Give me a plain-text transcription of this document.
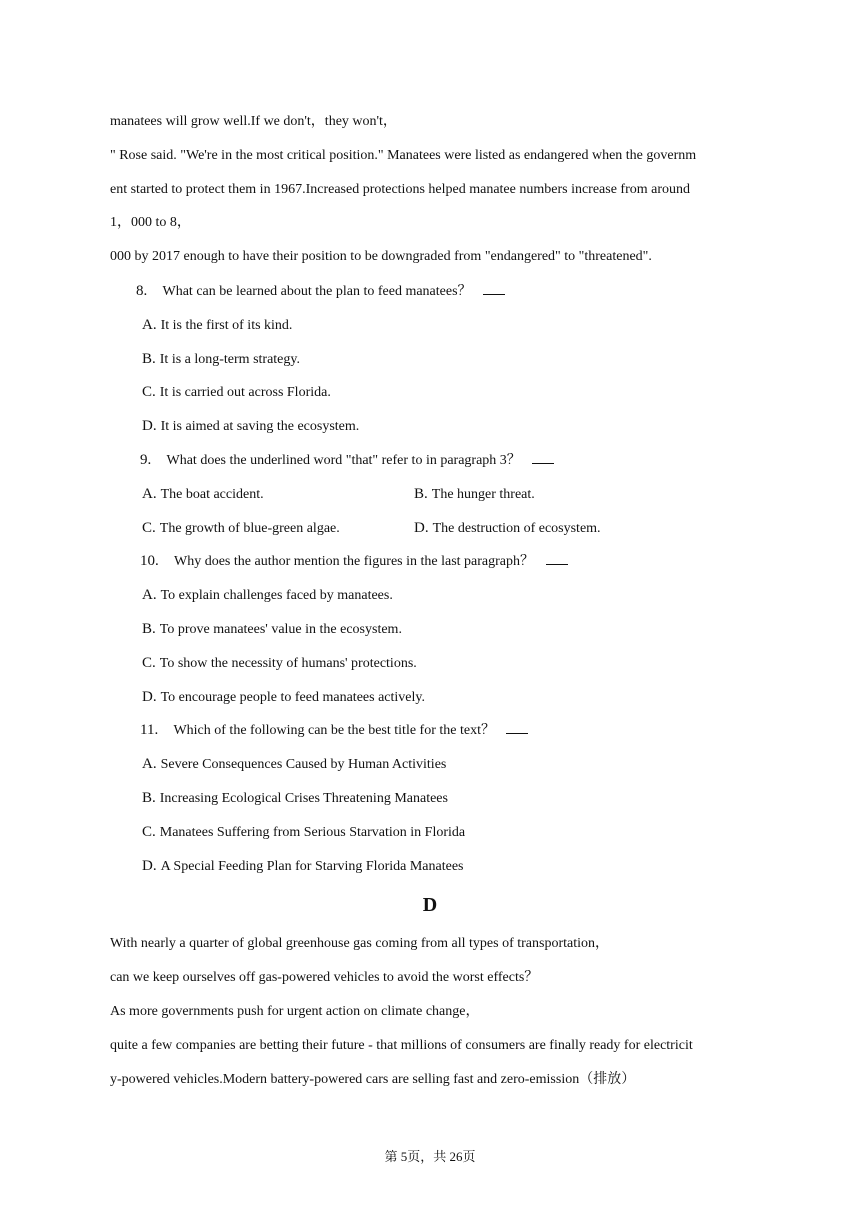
manatees will grow well.If we don't，they won't，
" Rose said. "We're in the most critical position." Manatees were listed as endangered when the governm
ent started to protect them in 1967.Increased protections helped manatee numbers increase from around
1，000 to 8，
000 by 2017 enough to have their position to be downgraded from "endangered" to "threatened".
8. What can be learned about the plan to feed manatees？
A. It is the first of its kind.
B. It is a long-term strategy.
C. It is carried out across Florida.
D. It is aimed at saving the ecosystem.
9. What does the underlined word "that" refer to in paragraph 3？
A. The boat accident.	B. The hunger threat.
C. The growth of blue-green algae.	D. The destruction of ecosystem.
10. Why does the author mention the figures in the last paragraph？
A. To explain challenges faced by manatees.
B. To prove manatees' value in the ecosystem.
C. To show the necessity of humans' protections.
D. To encourage people to feed manatees actively.
11. Which of the following can be the best title for the text？
A. Severe Consequences Caused by Human Activities
B. Increasing Ecological Crises Threatening Manatees
C. Manatees Suffering from Serious Starvation in Florida
D. A Special Feeding Plan for Starving Florida Manatees
D
With nearly a quarter of global greenhouse gas coming from all types of transportation，
can we keep ourselves off gas-powered vehicles to avoid the worst effects？
As more governments push for urgent action on climate change，
quite a few companies are betting their future - that millions of consumers are finally ready for electricit
y-powered vehicles.Modern battery-powered cars are selling fast and zero-emission（排放）
第 5页，共 26页
